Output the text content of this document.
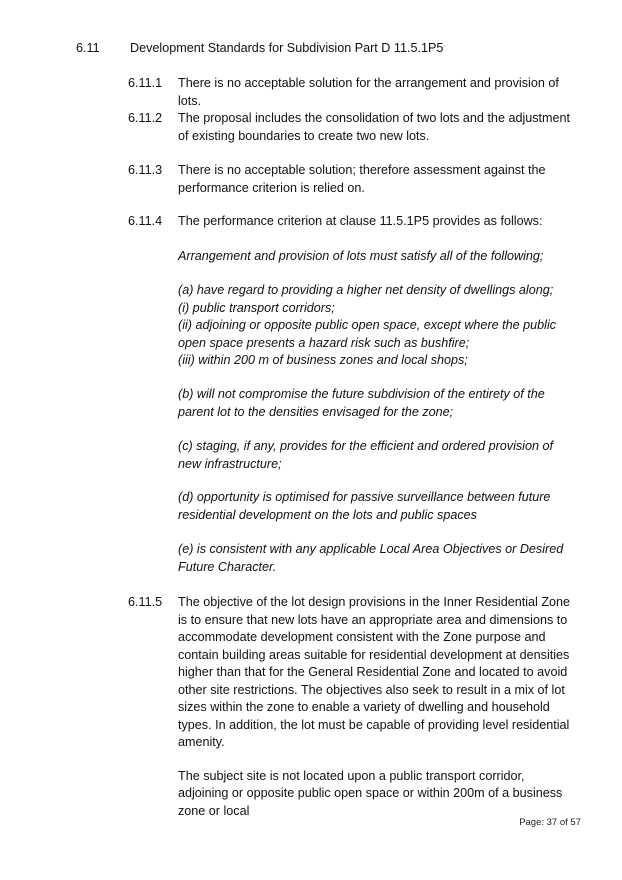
6.11 Development Standards for Subdivision Part D 11.5.1P5
6.11.1 There is no acceptable solution for the arrangement and provision of lots.

6.11.2 The proposal includes the consolidation of two lots and the adjustment of existing boundaries to create two new lots.

6.11.3 There is no acceptable solution; therefore assessment against the performance criterion is relied on.

6.11.4 The performance criterion at clause 11.5.1P5 provides as follows:

Arrangement and provision of lots must satisfy all of the following;

(a) have regard to providing a higher net density of dwellings along;

(i) public transport corridors;

(ii) adjoining or opposite public open space, except where the public open space presents a hazard risk such as bushfire;

(iii) within 200 m of business zones and local shops;

(b) will not compromise the future subdivision of the entirety of the parent lot to the densities envisaged for the zone;

(c) staging, if any, provides for the efficient and ordered provision of new infrastructure;

(d) opportunity is optimised for passive surveillance between future residential development on the lots and public spaces

(e) is consistent with any applicable Local Area Objectives or Desired Future Character.

6.11.5 The objective of the lot design provisions in the Inner Residential Zone is to ensure that new lots have an appropriate area and dimensions to accommodate development consistent with the Zone purpose and contain building areas suitable for residential development at densities higher than that for the General Residential Zone and located to avoid other site restrictions. The objectives also seek to result in a mix of lot sizes within the zone to enable a variety of dwelling and household types. In addition, the lot must be capable of providing level residential amenity.

The subject site is not located upon a public transport corridor, adjoining or opposite public open space or within 200m of a business zone or local

Page: 37 of 57
